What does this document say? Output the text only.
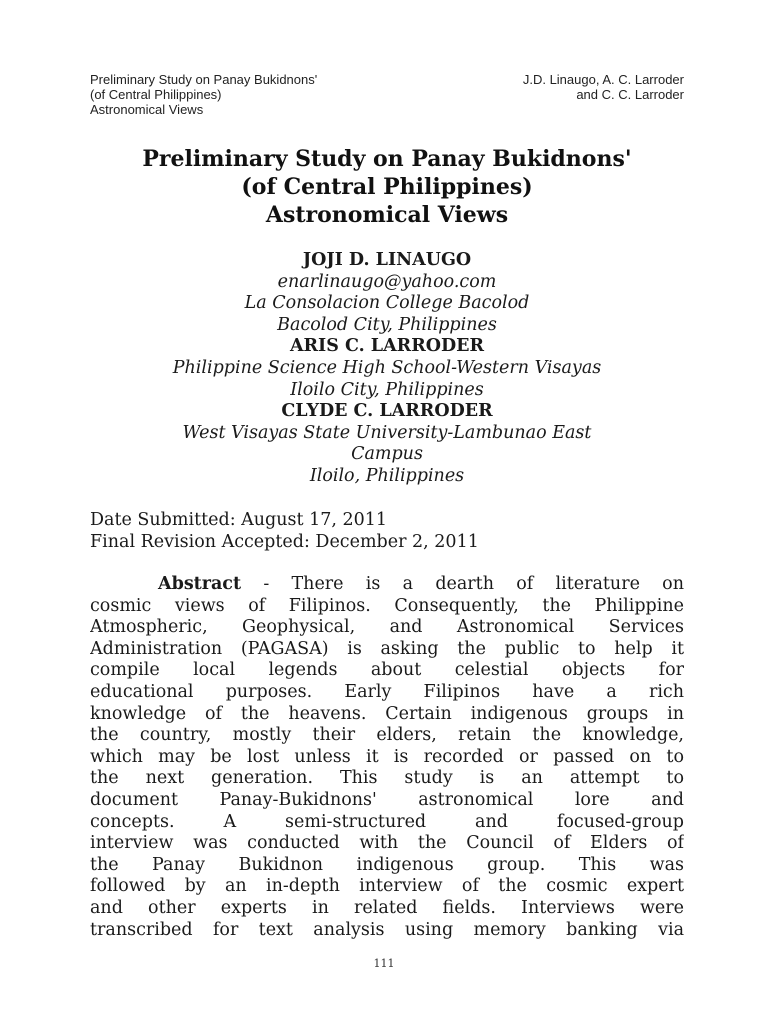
Preliminary Study on Panay Bukidnons'
(of Central Philippines)
Astronomical Views
J.D. Linaugo, A. C. Larroder
and C. C. Larroder
Preliminary Study on Panay Bukidnons'
(of Central Philippines)
Astronomical Views
JOJI D. LINAUGO
enarlinaugo@yahoo.com
La Consolacion College Bacolod
Bacolod City, Philippines
ARIS C. LARRODER
Philippine Science High School-Western Visayas
Iloilo City, Philippines
CLYDE C. LARRODER
West Visayas State University-Lambunao East
Campus
Iloilo, Philippines
Date Submitted: August 17, 2011
Final Revision Accepted: December 2, 2011
Abstract - There is a dearth of literature on
cosmic views of Filipinos. Consequently, the Philippine
Atmospheric, Geophysical, and Astronomical Services
Administration (PAGASA) is asking the public to help it
compile local legends about celestial objects for
educational purposes. Early Filipinos have a rich
knowledge of the heavens. Certain indigenous groups in
the country, mostly their elders, retain the knowledge,
which may be lost unless it is recorded or passed on to
the next generation. This study is an attempt to
document Panay-Bukidnons' astronomical lore and
concepts. A semi-structured and focused-group
interview was conducted with the Council of Elders of
the Panay Bukidnon indigenous group. This was
followed by an in-depth interview of the cosmic expert
and other experts in related fields. Interviews were
transcribed for text analysis using memory banking via
111
